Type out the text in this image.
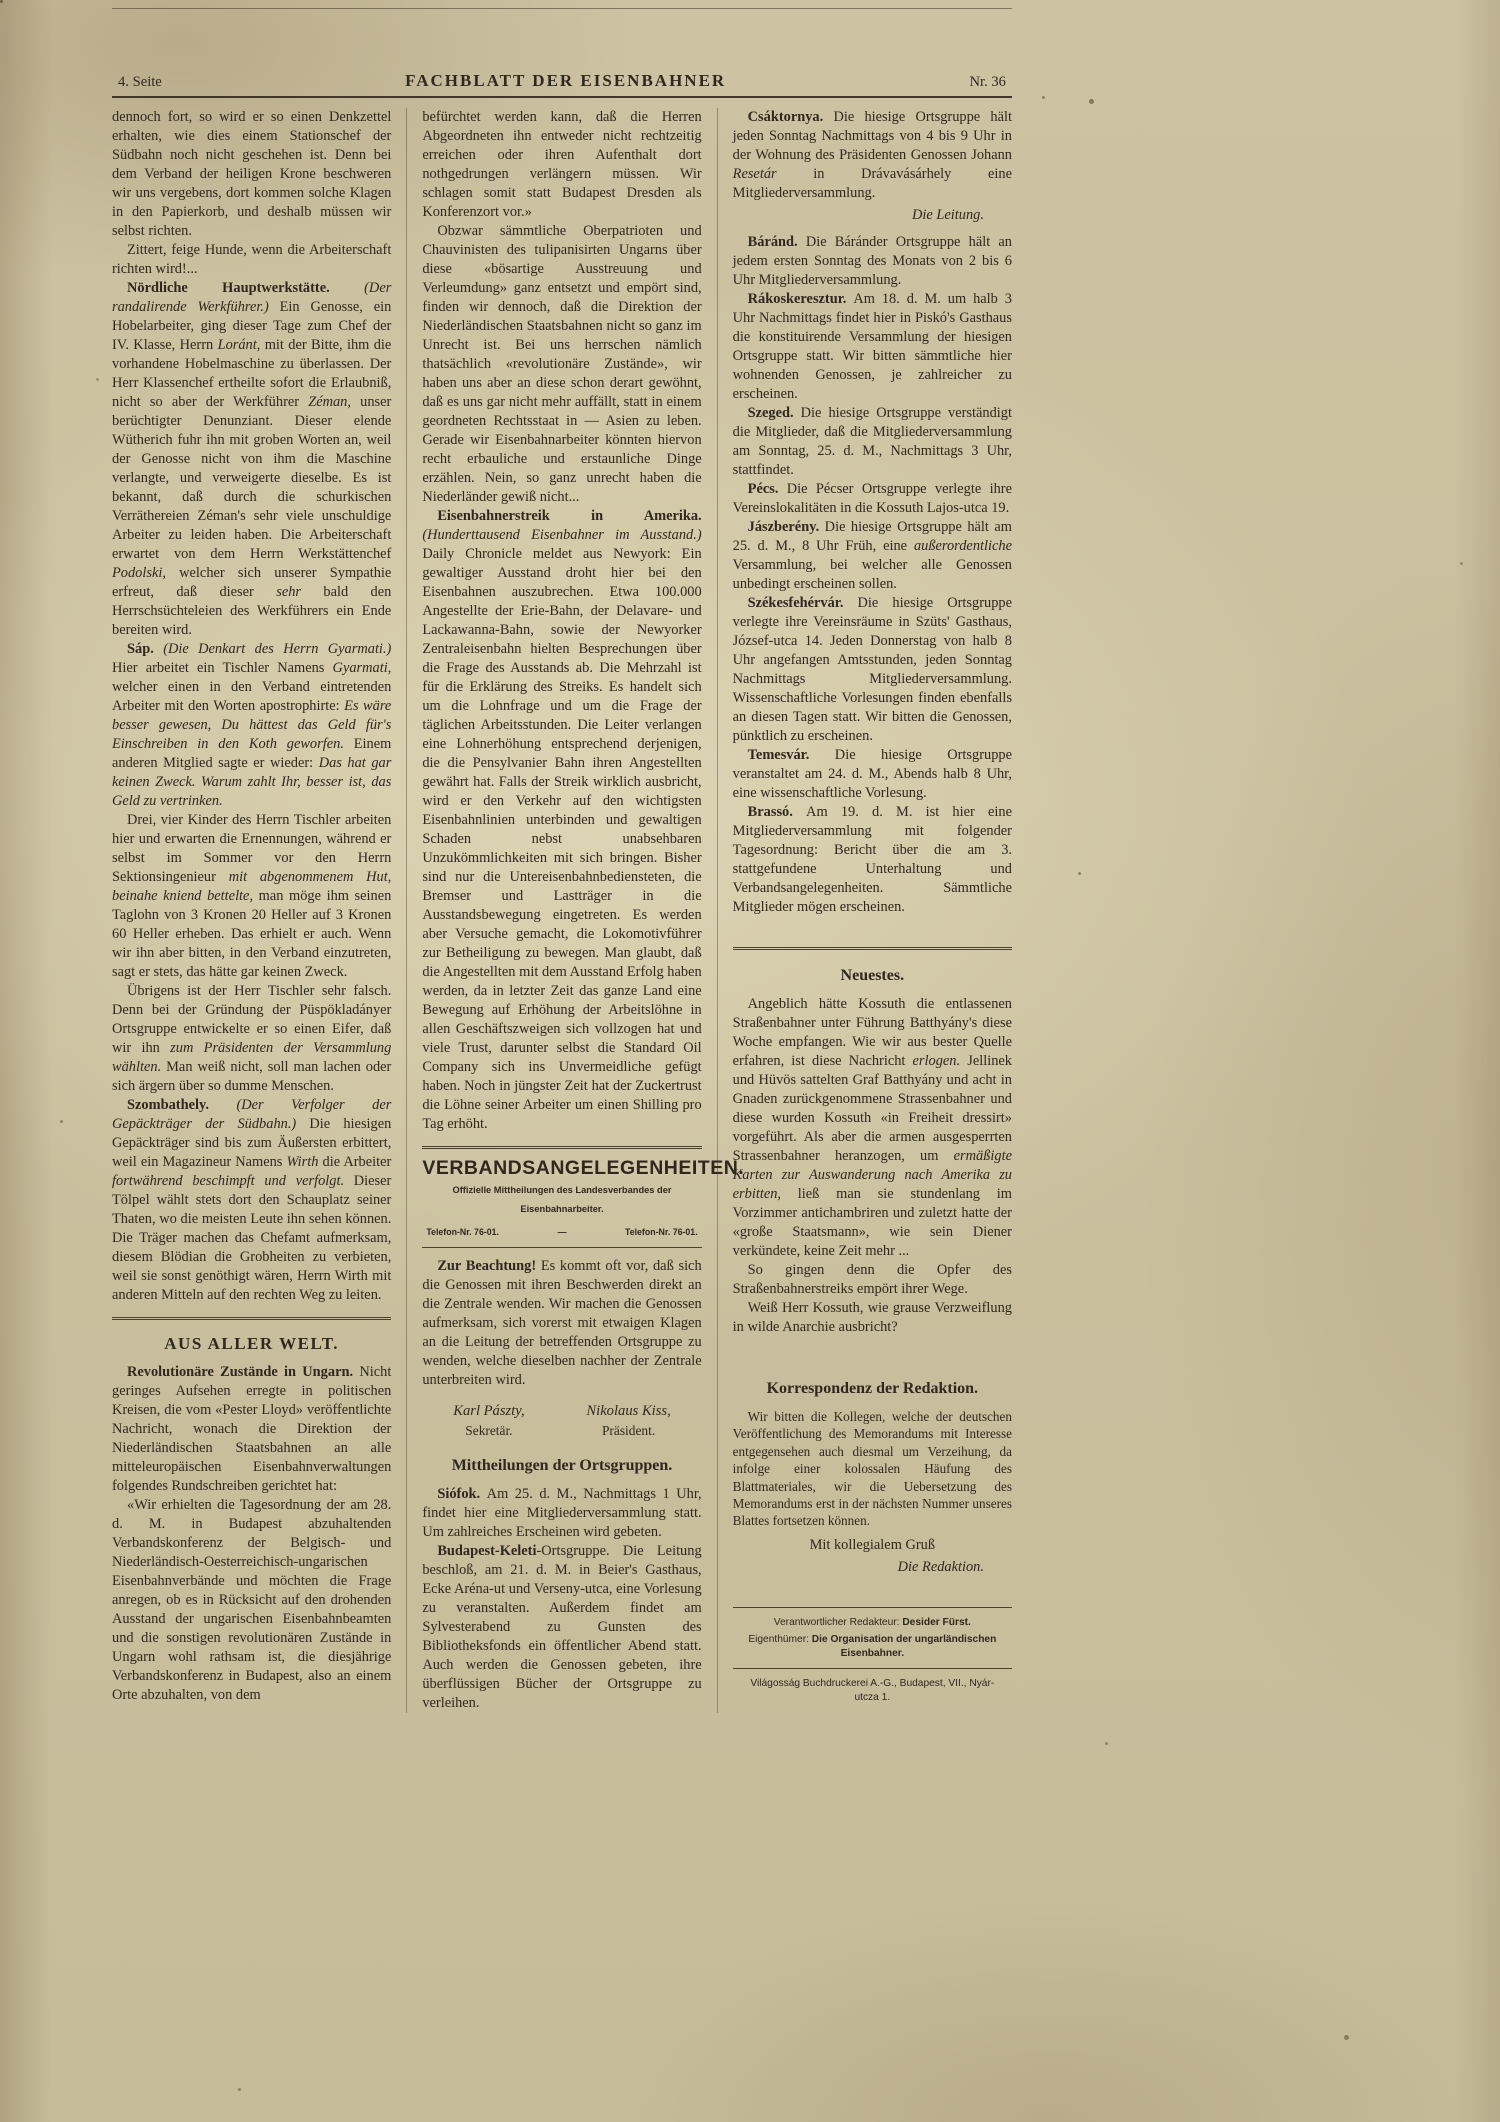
4. Seite	FACHBLATT DER EISENBAHNER	Nr. 36

dennoch fort, so wird er so einen Denkzettel erhalten, wie dies einem Stationschef der Südbahn noch nicht geschehen ist. Denn bei dem Verband der heiligen Krone beschweren wir uns vergebens, dort kommen solche Klagen in den Papierkorb, und deshalb müssen wir selbst richten.

Zittert, feige Hunde, wenn die Arbeiterschaft richten wird!...

Nördliche Hauptwerkstätte. (Der randalirende Werkführer.) Ein Genosse, ein Hobelarbeiter, ging dieser Tage zum Chef der IV. Klasse, Herrn Loránt, mit der Bitte, ihm die vorhandene Hobelmaschine zu überlassen. Der Herr Klassenchef ertheilte sofort die Erlaubniß, nicht so aber der Werkführer Zéman, unser berüchtigter Denunziant. Dieser elende Wütherich fuhr ihn mit groben Worten an, weil der Genosse nicht von ihm die Maschine verlangte, und verweigerte dieselbe. Es ist bekannt, daß durch die schurkischen Verräthereien Zéman's sehr viele unschuldige Arbeiter zu leiden haben. Die Arbeiterschaft erwartet von dem Herrn Werkstättenchef Podolski, welcher sich unserer Sympathie erfreut, daß dieser sehr bald den Herrschsüchteleien des Werkführers ein Ende bereiten wird.

Sáp. (Die Denkart des Herrn Gyarmati.) Hier arbeitet ein Tischler Namens Gyarmati, welcher einen in den Verband eintretenden Arbeiter mit den Worten apostrophirte: Es wäre besser gewesen, Du hättest das Geld für's Einschreiben in den Koth geworfen. Einem anderen Mitglied sagte er wieder: Das hat gar keinen Zweck. Warum zahlt Ihr, besser ist, das Geld zu vertrinken.

Drei, vier Kinder des Herrn Tischler arbeiten hier und erwarten die Ernennungen, während er selbst im Sommer vor den Herrn Sektionsingenieur mit abgenommenem Hut, beinahe kniend bettelte, man möge ihm seinen Taglohn von 3 Kronen 20 Heller auf 3 Kronen 60 Heller erheben. Das erhielt er auch. Wenn wir ihn aber bitten, in den Verband einzutreten, sagt er stets, das hätte gar keinen Zweck.

Übrigens ist der Herr Tischler sehr falsch. Denn bei der Gründung der Püspökladányer Ortsgruppe entwickelte er so einen Eifer, daß wir ihn zum Präsidenten der Versammlung wählten. Man weiß nicht, soll man lachen oder sich ärgern über so dumme Menschen.

Szombathely. (Der Verfolger der Gepäckträger der Südbahn.) Die hiesigen Gepäckträger sind bis zum Äußersten erbittert, weil ein Magazineur Namens Wirth die Arbeiter fortwährend beschimpft und verfolgt. Dieser Tölpel wählt stets dort den Schauplatz seiner Thaten, wo die meisten Leute ihn sehen können. Die Träger machen das Chefamt aufmerksam, diesem Blödian die Grobheiten zu verbieten, weil sie sonst genöthigt wären, Herrn Wirth mit anderen Mitteln auf den rechten Weg zu leiten.

AUS ALLER WELT.

Revolutionäre Zustände in Ungarn. Nicht geringes Aufsehen erregte in politischen Kreisen, die vom «Pester Lloyd» veröffentlichte Nachricht, wonach die Direktion der Niederländischen Staatsbahnen an alle mitteleuropäischen Eisenbahnverwaltungen folgendes Rundschreiben gerichtet hat:

«Wir erhielten die Tagesordnung der am 28. d. M. in Budapest abzuhaltenden Verbandskonferenz der Belgisch- und Niederländisch-Oesterreichisch-ungarischen Eisenbahnverbände und möchten die Frage anregen, ob es in Rücksicht auf den drohenden Ausstand der ungarischen Eisenbahnbeamten und die sonstigen revolutionären Zustände in Ungarn wohl rathsam ist, die diesjährige Verbandskonferenz in Budapest, also an einem Orte abzuhalten, von dem

befürchtet werden kann, daß die Herren Abgeordneten ihn entweder nicht rechtzeitig erreichen oder ihren Aufenthalt dort nothgedrungen verlängern müssen. Wir schlagen somit statt Budapest Dresden als Konferenzort vor.»

Obzwar sämmtliche Oberpatrioten und Chauvinisten des tulipanisirten Ungarns über diese «bösartige Ausstreuung und Verleumdung» ganz entsetzt und empört sind, finden wir dennoch, daß die Direktion der Niederländischen Staatsbahnen nicht so ganz im Unrecht ist. Bei uns herrschen nämlich thatsächlich «revolutionäre Zustände», wir haben uns aber an diese schon derart gewöhnt, daß es uns gar nicht mehr auffällt, statt in einem geordneten Rechtsstaat in — Asien zu leben. Gerade wir Eisenbahnarbeiter könnten hiervon recht erbauliche und erstaunliche Dinge erzählen. Nein, so ganz unrecht haben die Niederländer gewiß nicht...

Eisenbahnerstreik in Amerika. (Hunderttausend Eisenbahner im Ausstand.) Daily Chronicle meldet aus Newyork: Ein gewaltiger Ausstand droht hier bei den Eisenbahnen auszubrechen. Etwa 100.000 Angestellte der Erie-Bahn, der Delavare- und Lackawanna-Bahn, sowie der Newyorker Zentraleisenbahn hielten Besprechungen über die Frage des Ausstands ab. Die Mehrzahl ist für die Erklärung des Streiks. Es handelt sich um die Lohnfrage und um die Frage der täglichen Arbeitsstunden. Die Leiter verlangen eine Lohnerhöhung entsprechend derjenigen, die die Pensylvanier Bahn ihren Angestellten gewährt hat. Falls der Streik wirklich ausbricht, wird er den Verkehr auf den wichtigsten Eisenbahnlinien unterbinden und gewaltigen Schaden nebst unabsehbaren Unzukömmlichkeiten mit sich bringen. Bisher sind nur die Untereisenbahnbediensteten, die Bremser und Lastträger in die Ausstandsbewegung eingetreten. Es werden aber Versuche gemacht, die Lokomotivführer zur Betheiligung zu bewegen. Man glaubt, daß die Angestellten mit dem Ausstand Erfolg haben werden, da in letzter Zeit das ganze Land eine Bewegung auf Erhöhung der Arbeitslöhne in allen Geschäftszweigen sich vollzogen hat und viele Trust, darunter selbst die Standard Oil Company sich ins Unvermeidliche gefügt haben. Noch in jüngster Zeit hat der Zuckertrust die Löhne seiner Arbeiter um einen Shilling pro Tag erhöht.

VERBANDSANGELEGENHEITEN.
Offizielle Mittheilungen des Landesverbandes der Eisenbahnarbeiter.
Telefon-Nr. 76-01.	—	Telefon-Nr. 76-01.

Zur Beachtung! Es kommt oft vor, daß sich die Genossen mit ihren Beschwerden direkt an die Zentrale wenden. Wir machen die Genossen aufmerksam, sich vorerst mit etwaigen Klagen an die Leitung der betreffenden Ortsgruppe zu wenden, welche dieselben nachher der Zentrale unterbreiten wird.

Karl Pászty,
Sekretär.
Nikolaus Kiss,
Präsident.
Mittheilungen der Ortsgruppen.

Siófok. Am 25. d. M., Nachmittags 1 Uhr, findet hier eine Mitgliederversammlung statt. Um zahlreiches Erscheinen wird gebeten.

Budapest-Keleti-Ortsgruppe. Die Leitung beschloß, am 21. d. M. in Beier's Gasthaus, Ecke Aréna-ut und Verseny-utca, eine Vorlesung zu veranstalten. Außerdem findet am Sylvesterabend zu Gunsten des Bibliotheksfonds ein öffentlicher Abend statt. Auch werden die Genossen gebeten, ihre überflüssigen Bücher der Ortsgruppe zu verleihen.

Csáktornya. Die hiesige Ortsgruppe hält jeden Sonntag Nachmittags von 4 bis 9 Uhr in der Wohnung des Präsidenten Genossen Johann Resetár in Drávavásárhely eine Mitgliederversammlung.

Die Leitung.

Báránd. Die Báránder Ortsgruppe hält an jedem ersten Sonntag des Monats von 2 bis 6 Uhr Mitgliederversammlung.

Rákoskeresztur. Am 18. d. M. um halb 3 Uhr Nachmittags findet hier in Piskó's Gasthaus die konstituirende Versammlung der hiesigen Ortsgruppe statt. Wir bitten sämmtliche hier wohnenden Genossen, je zahlreicher zu erscheinen.

Szeged. Die hiesige Ortsgruppe verständigt die Mitglieder, daß die Mitgliederversammlung am Sonntag, 25. d. M., Nachmittags 3 Uhr, stattfindet.

Pécs. Die Pécser Ortsgruppe verlegte ihre Vereinslokalitäten in die Kossuth Lajos-utca 19.

Jászberény. Die hiesige Ortsgruppe hält am 25. d. M., 8 Uhr Früh, eine außerordentliche Versammlung, bei welcher alle Genossen unbedingt erscheinen sollen.

Székesfehérvár. Die hiesige Ortsgruppe verlegte ihre Vereinsräume in Szüts' Gasthaus, József-utca 14. Jeden Donnerstag von halb 8 Uhr angefangen Amtsstunden, jeden Sonntag Nachmittags Mitgliederversammlung. Wissenschaftliche Vorlesungen finden ebenfalls an diesen Tagen statt. Wir bitten die Genossen, pünktlich zu erscheinen.

Temesvár. Die hiesige Ortsgruppe veranstaltet am 24. d. M., Abends halb 8 Uhr, eine wissenschaftliche Vorlesung.

Brassó. Am 19. d. M. ist hier eine Mitgliederversammlung mit folgender Tagesordnung: Bericht über die am 3. stattgefundene Unterhaltung und Verbandsangelegenheiten. Sämmtliche Mitglieder mögen erscheinen.

Neuestes.

Angeblich hätte Kossuth die entlassenen Straßenbahner unter Führung Batthyány's diese Woche empfangen. Wie wir aus bester Quelle erfahren, ist diese Nachricht erlogen. Jellinek und Hüvös sattelten Graf Batthyány und acht in Gnaden zurückgenommene Strassenbahner und diese wurden Kossuth «in Freiheit dressirt» vorgeführt. Als aber die armen ausgesperrten Strassenbahner heranzogen, um ermäßigte Karten zur Auswanderung nach Amerika zu erbitten, ließ man sie stundenlang im Vorzimmer antichambriren und zuletzt hatte der «große Staatsmann», wie sein Diener verkündete, keine Zeit mehr ...

So gingen denn die Opfer des Straßenbahnerstreiks empört ihrer Wege.

Weiß Herr Kossuth, wie grause Verzweiflung in wilde Anarchie ausbricht?

Korrespondenz der Redaktion.

Wir bitten die Kollegen, welche der deutschen Veröffentlichung des Memorandums mit Interesse entgegensehen auch diesmal um Verzeihung, da infolge einer kolossalen Häufung des Blattmateriales, wir die Uebersetzung des Memorandums erst in der nächsten Nummer unseres Blattes fortsetzen können.

Mit kollegialem Gruß
Die Redaktion.
Verantwortlicher Redakteur: Desider Fürst.
Eigenthümer: Die Organisation der ungarländischen Eisenbahner.
Világosság Buchdruckerei A.-G., Budapest, VII., Nyár-utcza 1.
